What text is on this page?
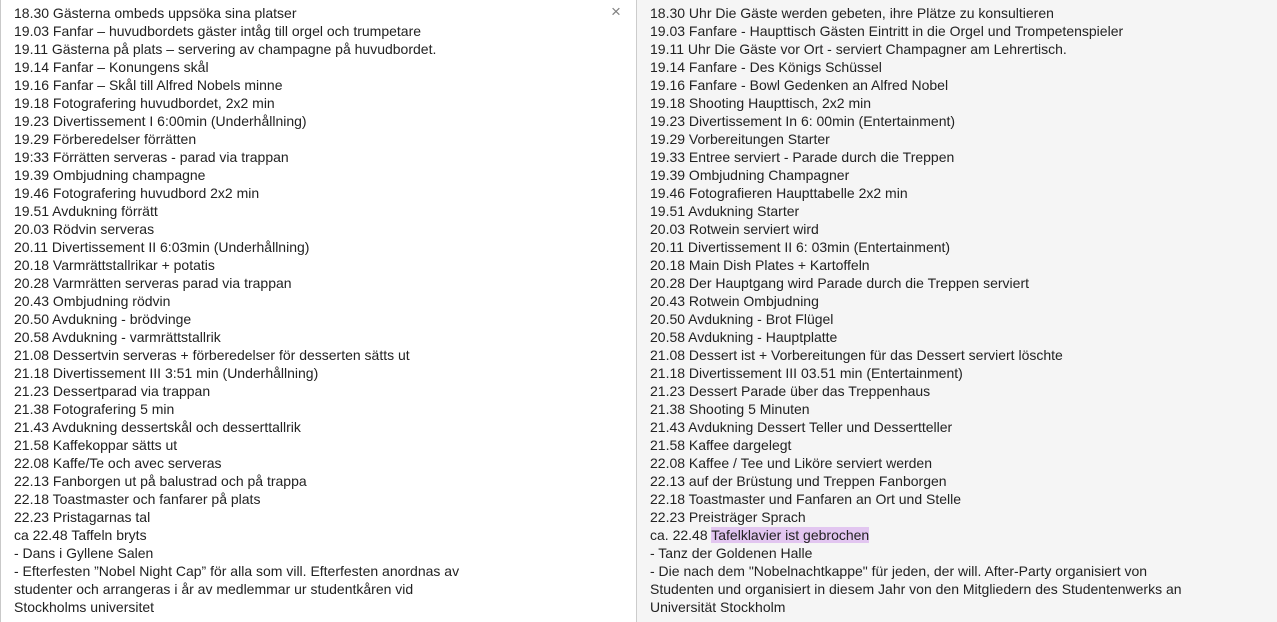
18.30 Gästerna ombeds uppsöka sina platser
19.03 Fanfar – huvudbordets gäster intåg till orgel och trumpetare
19.11 Gästerna på plats – servering av champagne på huvudbordet.
19.14 Fanfar – Konungens skål
19.16 Fanfar – Skål till Alfred Nobels minne
19.18 Fotografering huvudbordet, 2x2 min
19.23 Divertissement I 6:00min (Underhållning)
19.29 Förberedelser förrätten
19:33 Förrätten serveras - parad via trappan
19.39 Ombjudning champagne
19.46 Fotografering huvudbord 2x2 min
19.51 Avdukning förrätt
20.03 Rödvin serveras
20.11 Divertissement II 6:03min (Underhållning)
20.18 Varmrättstallrikar + potatis
20.28 Varmrätten serveras parad via trappan
20.43 Ombjudning rödvin
20.50 Avdukning - brödvinge
20.58 Avdukning - varmrättstallrik
21.08 Dessertvin serveras + förberedelser för desserten sätts ut
21.18 Divertissement III 3:51 min (Underhållning)
21.23 Dessertparad via trappan
21.38 Fotografering 5 min
21.43 Avdukning dessertskål och desserttallrik
21.58 Kaffekoppar sätts ut
22.08 Kaffe/Te och avec serveras
22.13 Fanborgen ut på balustrad och på trappa
22.18 Toastmaster och fanfarer på plats
22.23 Pristagarnas tal
ca 22.48 Taffeln bryts
- Dans i Gyllene Salen
- Efterfesten ”Nobel Night Cap” för alla som vill. Efterfesten anordnas av
studenter och arrangeras i år av medlemmar ur studentkåren vid
Stockholms universitet
× 18.30 Uhr Die Gäste werden gebeten, ihre Plätze zu konsultieren
19.03 Fanfare - Haupttisch Gästen Eintritt in die Orgel und Trompetenspieler
19.11 Uhr Die Gäste vor Ort - serviert Champagner am Lehrertisch.
19.14 Fanfare - Des Königs Schüssel
19.16 Fanfare - Bowl Gedenken an Alfred Nobel
19.18 Shooting Haupttisch, 2x2 min
19.23 Divertissement In 6: 00min (Entertainment)
19.29 Vorbereitungen Starter
19.33 Entree serviert - Parade durch die Treppen
19.39 Ombjudning Champagner
19.46 Fotografieren Haupttabelle 2x2 min
19.51 Avdukning Starter
20.03 Rotwein serviert wird
20.11 Divertissement II 6: 03min (Entertainment)
20.18 Main Dish Plates + Kartoffeln
20.28 Der Hauptgang wird Parade durch die Treppen serviert
20.43 Rotwein Ombjudning
20.50 Avdukning - Brot Flügel
20.58 Avdukning - Hauptplatte
21.08 Dessert ist + Vorbereitungen für das Dessert serviert löschte
21.18 Divertissement III 03.51 min (Entertainment)
21.23 Dessert Parade über das Treppenhaus
21.38 Shooting 5 Minuten
21.43 Avdukning Dessert Teller und Dessertteller
21.58 Kaffee dargelegt
22.08 Kaffee / Tee und Liköre serviert werden
22.13 auf der Brüstung und Treppen Fanborgen
22.18 Toastmaster und Fanfaren an Ort und Stelle
22.23 Preisträger Sprach
ca. 22.48 Tafelklavier ist gebrochen
- Tanz der Goldenen Halle
- Die nach dem "Nobelnachtkappe" für jeden, der will. After-Party organisiert von
Studenten und organisiert in diesem Jahr von den Mitgliedern des Studentenwerks an
Universität Stockholm
